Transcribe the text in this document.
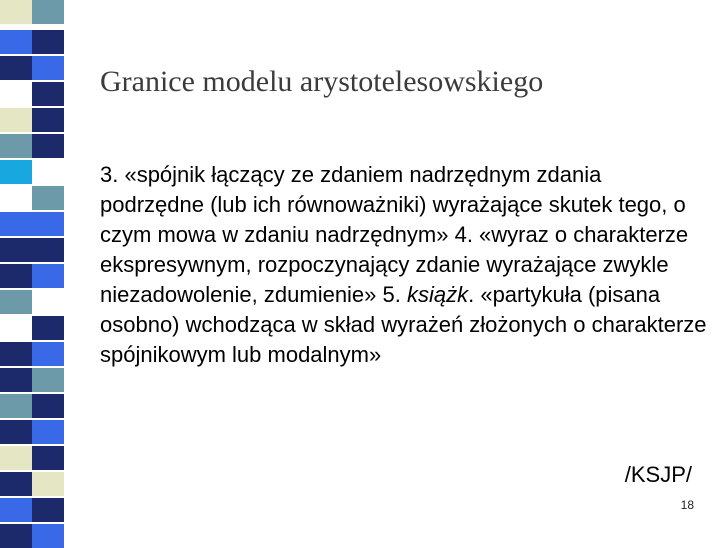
Granice modelu arystotelesowskiego

3. «spójnik łączący ze zdaniem nadrzędnym zdania podrzędne (lub ich równoważniki) wyrażające skutek tego, o czym mowa w zdaniu nadrzędnym» 4. «wyraz o charakterze ekspresywnym, rozpoczynający zdanie wyrażające zwykle niezadowolenie, zdumienie» 5. książk. «partykuła (pisana osobno) wchodząca w skład wyrażeń złożonych o charakterze spójnikowym lub modalnym»

/KSJP/
18
